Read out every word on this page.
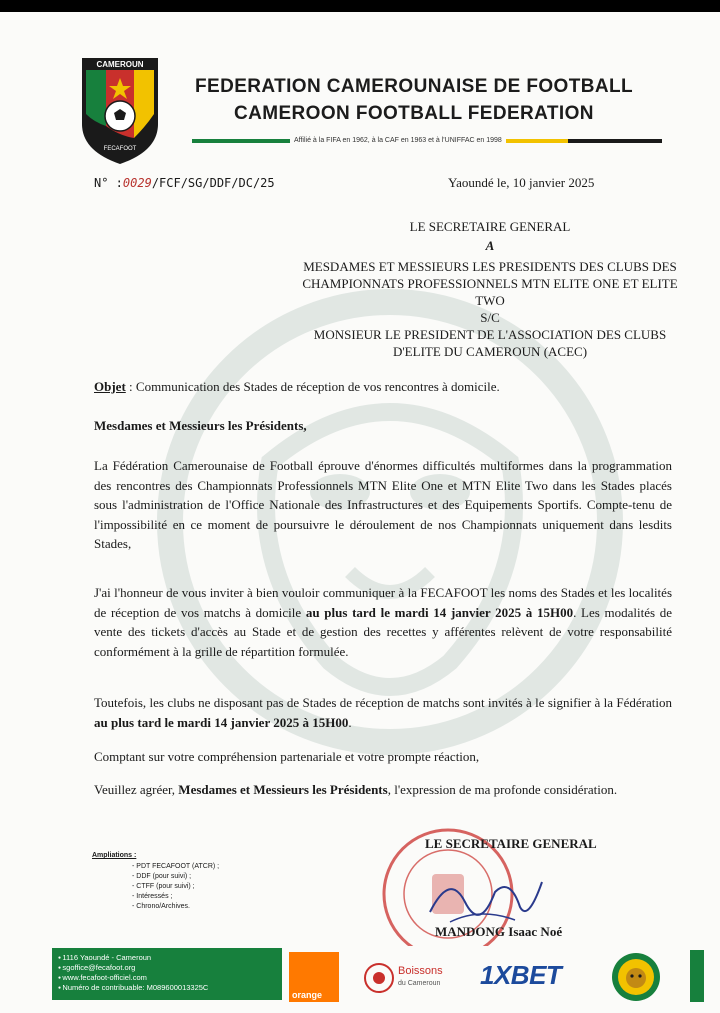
CAMEROUN
FECAFOOT
FEDERATION CAMEROUNAISE DE FOOTBALL
CAMEROON FOOTBALL FEDERATION
Affilié à la FIFA en 1962, à la CAF en 1963 et à l'UNIFFAC en 1998
N° :0029/FCF/SG/DDF/DC/25	Yaoundé le, 10 janvier 2025
LE SECRETAIRE GENERAL
A
MESDAMES ET MESSIEURS LES PRESIDENTS DES CLUBS DES CHAMPIONNATS PROFESSIONNELS MTN ELITE ONE ET ELITE TWO
S/C
MONSIEUR LE PRESIDENT DE L'ASSOCIATION DES CLUBS D'ELITE DU CAMEROUN (ACEC)
Objet : Communication des Stades de réception de vos rencontres à domicile.
Mesdames et Messieurs les Présidents,
La Fédération Camerounaise de Football éprouve d'énormes difficultés multiformes dans la programmation des rencontres des Championnats Professionnels MTN Elite One et MTN Elite Two dans les Stades placés sous l'administration de l'Office Nationale des Infrastructures et des Equipements Sportifs. Compte-tenu de l'impossibilité en ce moment de poursuivre le déroulement de nos Championnats uniquement dans lesdits Stades,
J'ai l'honneur de vous inviter à bien vouloir communiquer à la FECAFOOT les noms des Stades et les localités de réception de vos matchs à domicile au plus tard le mardi 14 janvier 2025 à 15H00. Les modalités de vente des tickets d'accès au Stade et de gestion des recettes y afférentes relèvent de votre responsabilité conformément à la grille de répartition formulée.
Toutefois, les clubs ne disposant pas de Stades de réception de matchs sont invités à le signifier à la Fédération au plus tard le mardi 14 janvier 2025 à 15H00.
Comptant sur votre compréhension partenariale et votre prompte réaction,
Veuillez agréer, Mesdames et Messieurs les Présidents, l'expression de ma profonde considération.
Ampliations :
- PDT FECAFOOT (ATCR) ;
- DDF (pour suivi) ;
- CTFF (pour suivi) ;
- Intéressés ;
- Chrono/Archives.
LE SECRETAIRE GENERAL
MANDONG Isaac Noé
● 1116 Yaoundé - Cameroun
● sgoffice@fecafoot.org
● www.fecafoot-officiel.com
● Numéro de contribuable: M089600013325C
orange
Boissons
du Cameroun 1XBET
